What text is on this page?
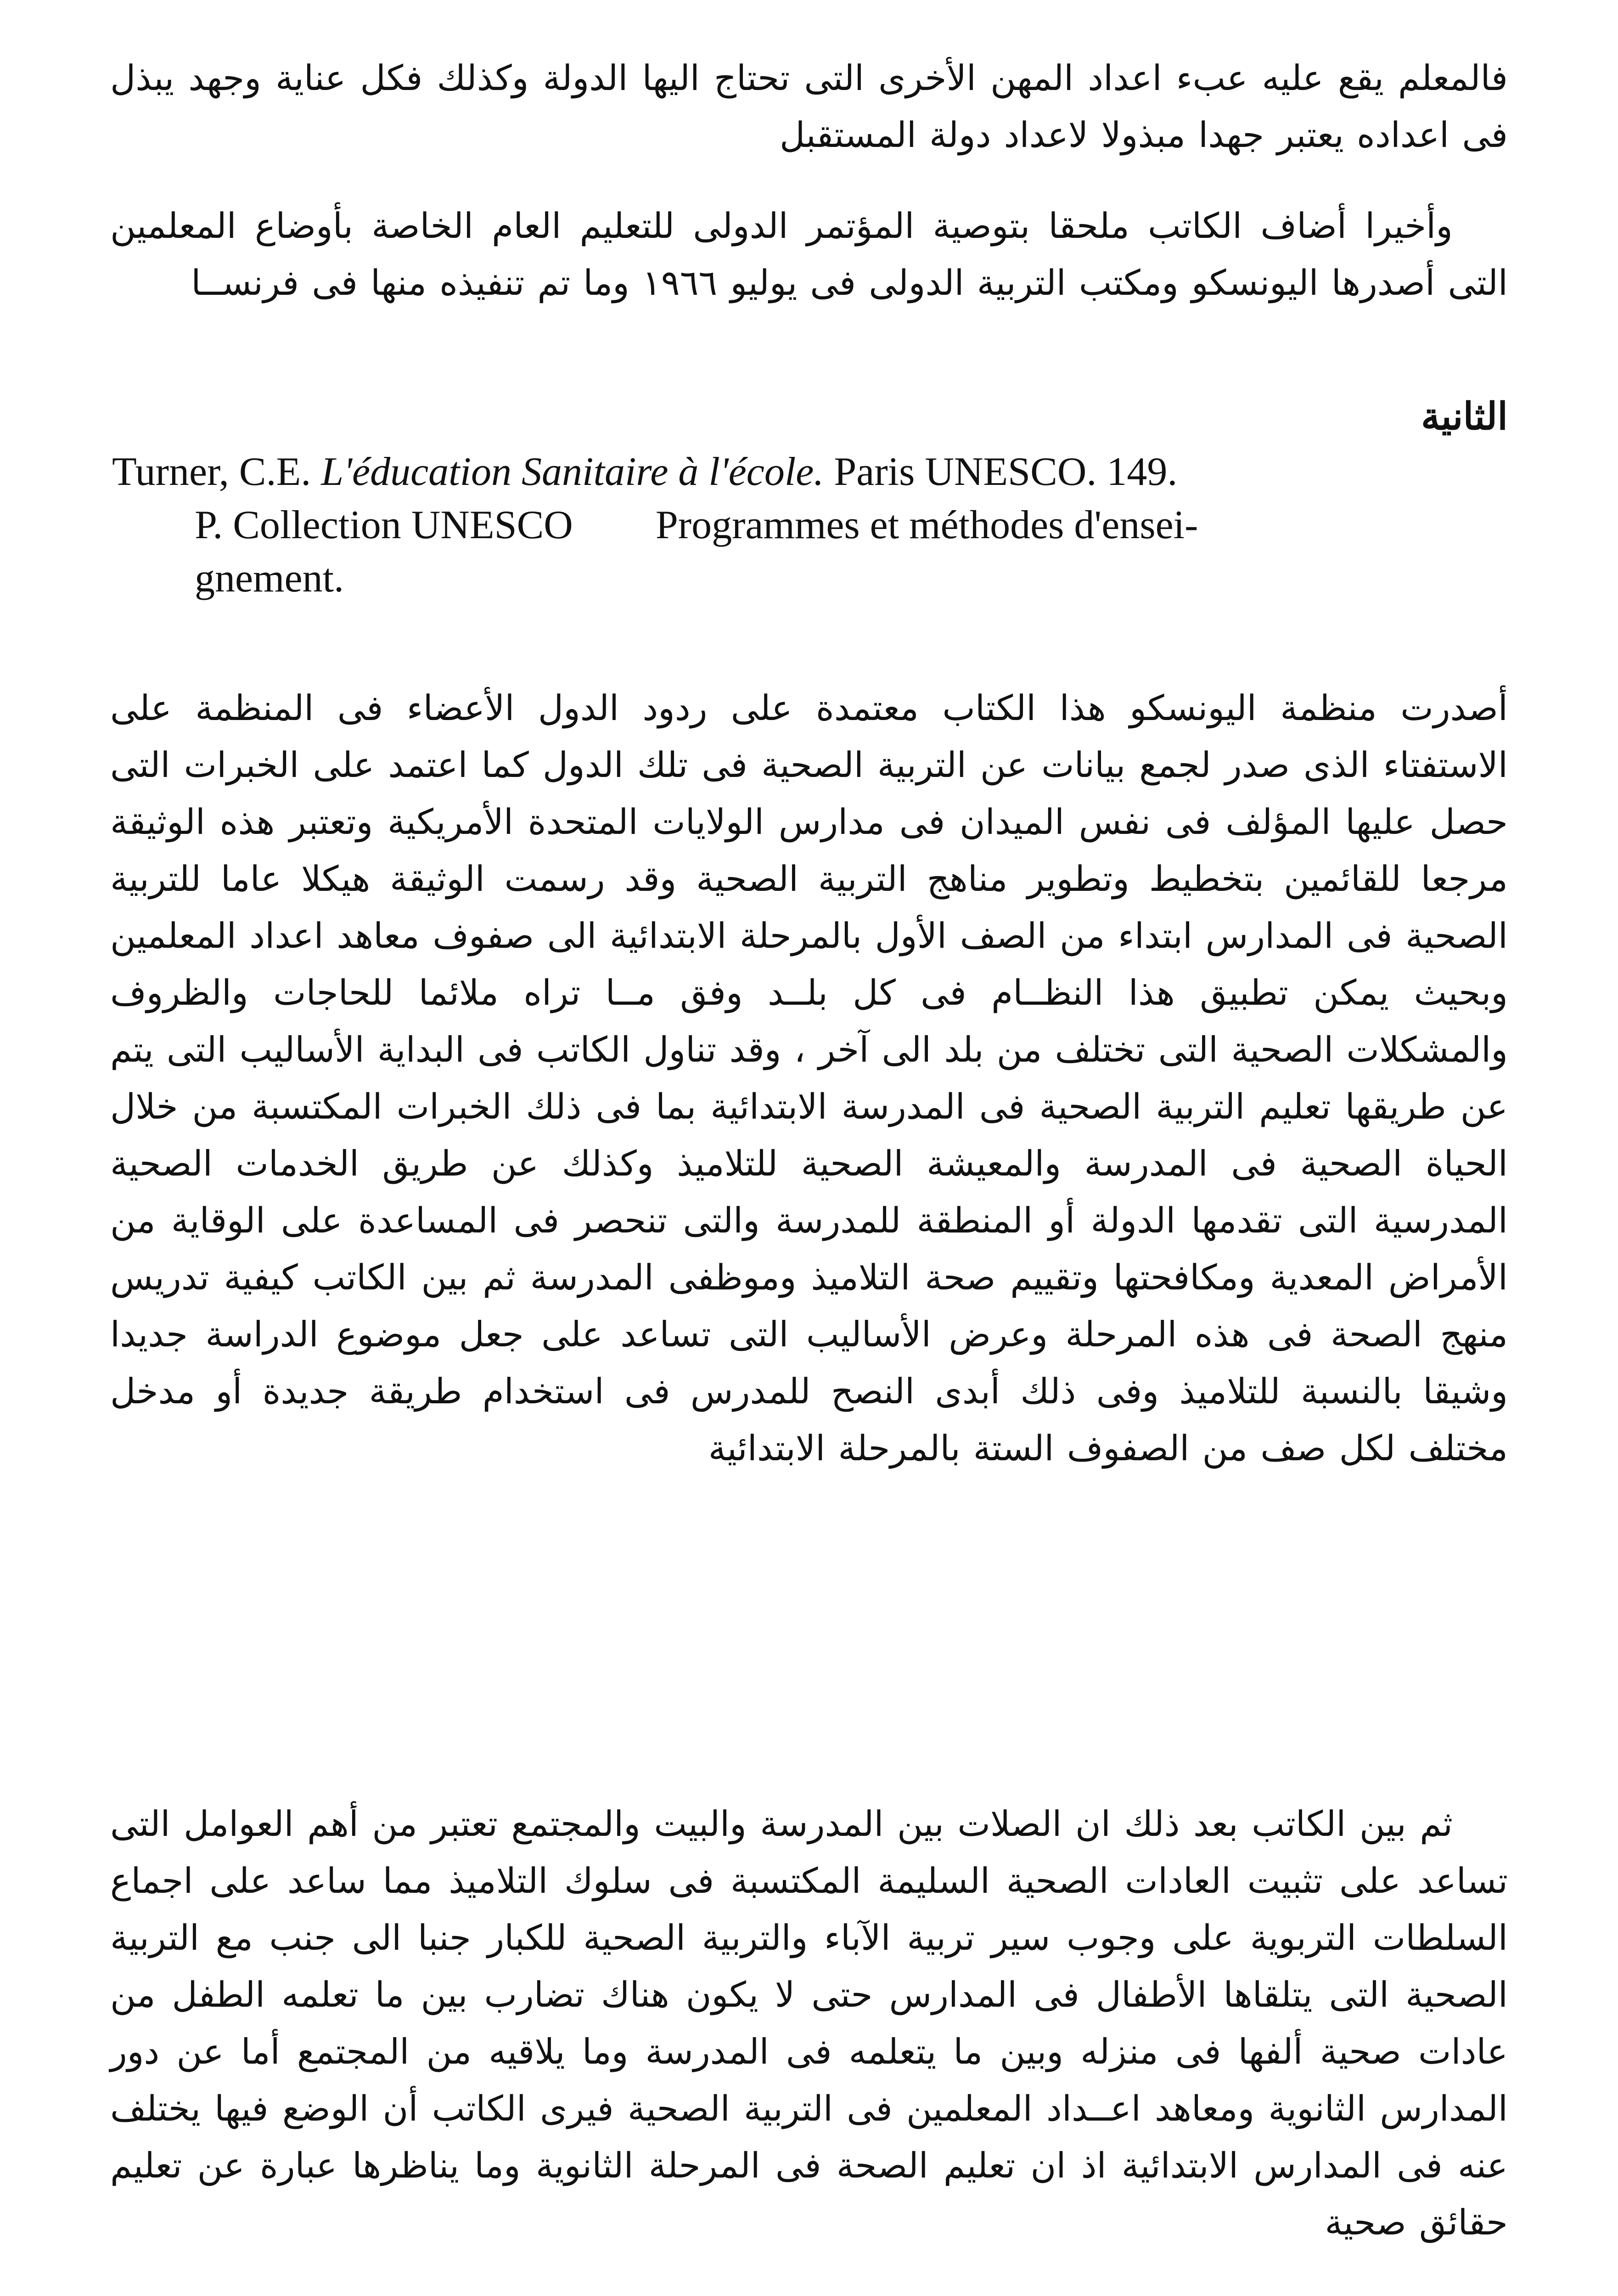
فالمعلم يقع عليه عبء اعداد المهن الأخرى التى تحتاج اليها الدولة وكذلك فكل عناية وجهد يبذل فى اعداده يعتبر جهدا مبذولا لاعداد دولة المستقبل

وأخيرا أضاف الكاتب ملحقا بتوصية المؤتمر الدولى للتعليم العام الخاصة بأوضاع المعلمين التى أصدرها اليونسكو ومكتب التربية الدولى فى يوليو ١٩٦٦ وما تم تنفيذه منها فى فرنســا

الثانية
Turner, C.E. L'éducation Sanitaire à l'école. Paris UNESCO. 149.
P. Collection UNESCO Programmes et méthodes d'ensei-
gnement.

أصدرت منظمة اليونسكو هذا الكتاب معتمدة على ردود الدول الأعضاء فى المنظمة على الاستفتاء الذى صدر لجمع بيانات عن التربية الصحية فى تلك الدول كما اعتمد على الخبرات التى حصل عليها المؤلف فى نفس الميدان فى مدارس الولايات المتحدة الأمريكية وتعتبر هذه الوثيقة مرجعا للقائمين بتخطيط وتطوير مناهج التربية الصحية وقد رسمت الوثيقة هيكلا عاما للتربية الصحية فى المدارس ابتداء من الصف الأول بالمرحلة الابتدائية الى صفوف معاهد اعداد المعلمين وبحيث يمكن تطبيق هذا النظــام فى كل بلــد وفق مــا تراه ملائما للحاجات والظروف والمشكلات الصحية التى تختلف من بلد الى آخر ، وقد تناول الكاتب فى البداية الأساليب التى يتم عن طريقها تعليم التربية الصحية فى المدرسة الابتدائية بما فى ذلك الخبرات المكتسبة من خلال الحياة الصحية فى المدرسة والمعيشة الصحية للتلاميذ وكذلك عن طريق الخدمات الصحية المدرسية التى تقدمها الدولة أو المنطقة للمدرسة والتى تنحصر فى المساعدة على الوقاية من الأمراض المعدية ومكافحتها وتقييم صحة التلاميذ وموظفى المدرسة ثم بين الكاتب كيفية تدريس منهج الصحة فى هذه المرحلة وعرض الأساليب التى تساعد على جعل موضوع الدراسة جديدا وشيقا بالنسبة للتلاميذ وفى ذلك أبدى النصح للمدرس فى استخدام طريقة جديدة أو مدخل مختلف لكل صف من الصفوف الستة بالمرحلة الابتدائية

ثم بين الكاتب بعد ذلك ان الصلات بين المدرسة والبيت والمجتمع تعتبر من أهم العوامل التى تساعد على تثبيت العادات الصحية السليمة المكتسبة فى سلوك التلاميذ مما ساعد على اجماع السلطات التربوية على وجوب سير تربية الآباء والتربية الصحية للكبار جنبا الى جنب مع التربية الصحية التى يتلقاها الأطفال فى المدارس حتى لا يكون هناك تضارب بين ما تعلمه الطفل من عادات صحية ألفها فى منزله وبين ما يتعلمه فى المدرسة وما يلاقيه من المجتمع أما عن دور المدارس الثانوية ومعاهد اعــداد المعلمين فى التربية الصحية فيرى الكاتب أن الوضع فيها يختلف عنه فى المدارس الابتدائية اذ ان تعليم الصحة فى المرحلة الثانوية وما يناظرها عبارة عن تعليم حقائق صحية
